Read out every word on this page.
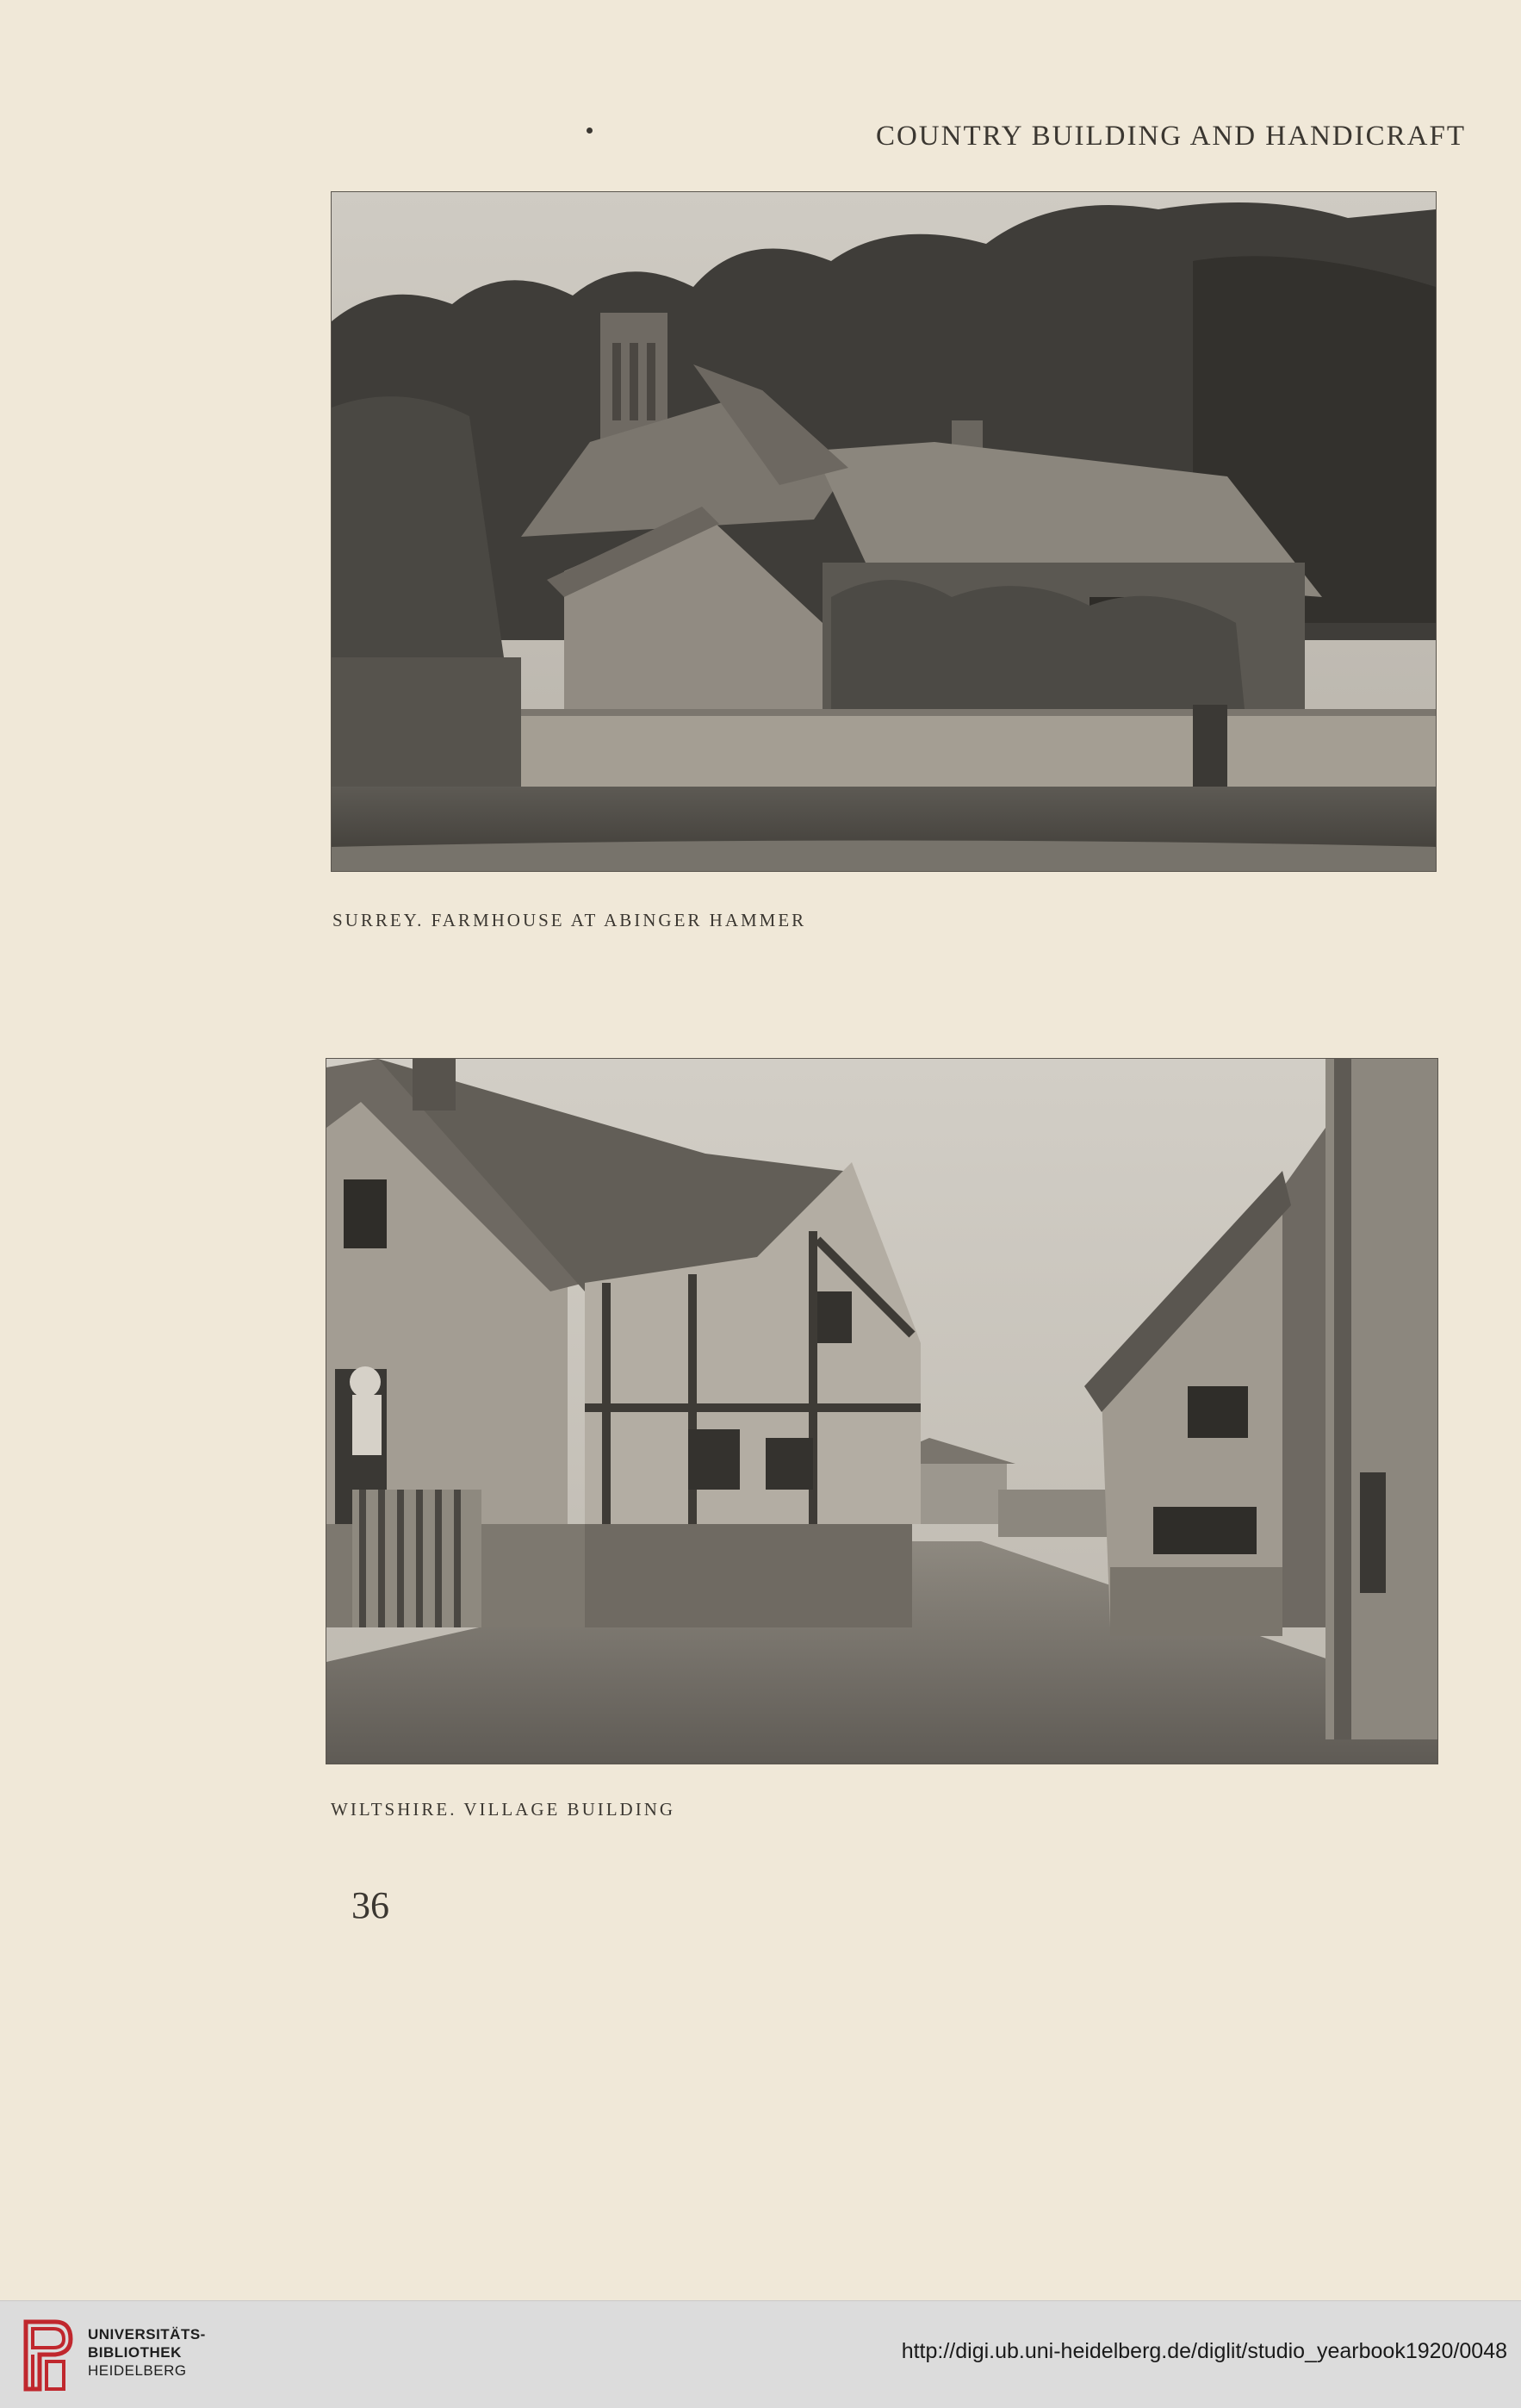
COUNTRY BUILDING AND HANDICRAFT
SURREY. FARMHOUSE AT ABINGER HAMMER
WILTSHIRE. VILLAGE BUILDING
36
UNIVERSITÄTS-
BIBLIOTHEK
HEIDELBERG
http://digi.ub.uni-heidelberg.de/diglit/studio_yearbook1920/0048
